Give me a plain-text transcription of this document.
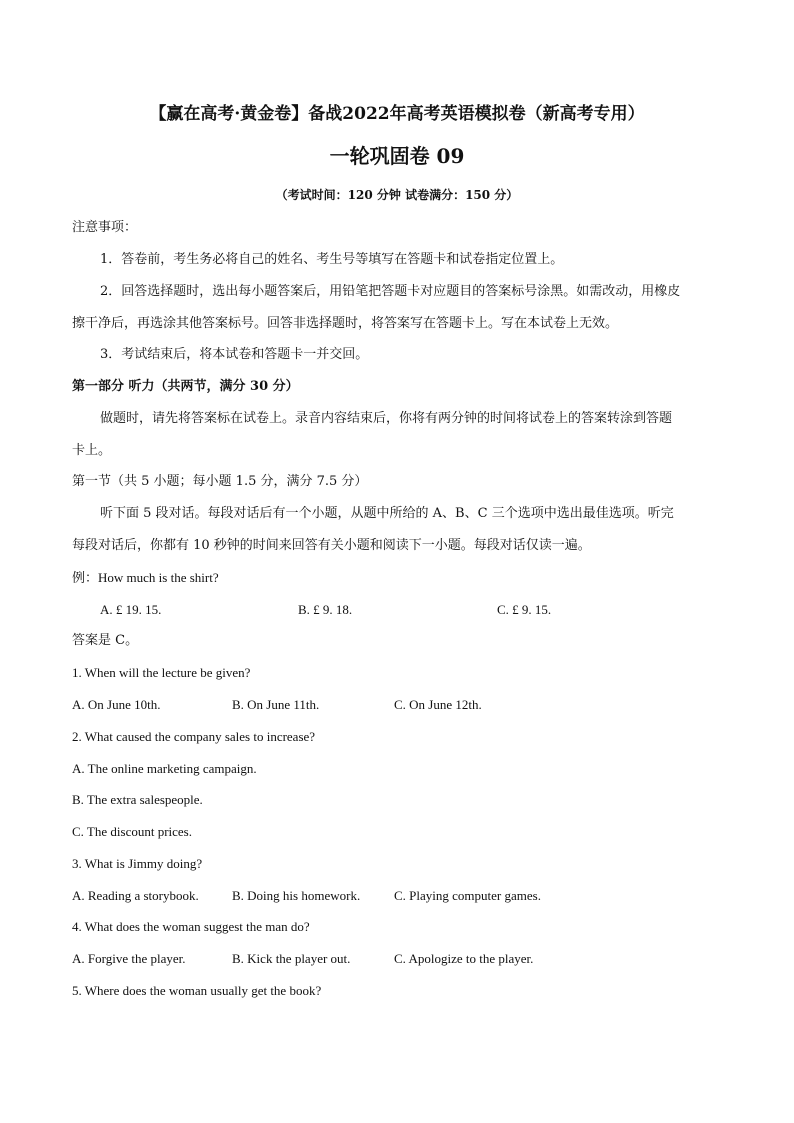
【赢在高考·黄金卷】备战2022年高考英语模拟卷（新高考专用）
一轮巩固卷 09
（考试时间：120 分钟 试卷满分：150 分）
注意事项：
1．答卷前，考生务必将自己的姓名、考生号等填写在答题卡和试卷指定位置上。
2．回答选择题时，选出每小题答案后，用铅笔把答题卡对应题目的答案标号涂黑。如需改动，用橡皮
擦干净后，再选涂其他答案标号。回答非选择题时，将答案写在答题卡上。写在本试卷上无效。
3．考试结束后，将本试卷和答题卡一并交回。
第一部分 听力（共两节，满分 30 分）
做题时，请先将答案标在试卷上。录音内容结束后，你将有两分钟的时间将试卷上的答案转涂到答题
卡上。
第一节（共 5 小题；每小题 1.5 分，满分 7.5 分）
听下面 5 段对话。每段对话后有一个小题，从题中所给的 A、B、C 三个选项中选出最佳选项。听完
每段对话后，你都有 10 秒钟的时间来回答有关小题和阅读下一小题。每段对话仅读一遍。
例：How much is the shirt?
A. £ 19. 15.	B. £ 9. 18.	C. £ 9. 15.
答案是 C。
1. When will the lecture be given?
A. On June 10th.	B. On June 11th.	C. On June 12th.
2. What caused the company sales to increase?
A. The online marketing campaign.
B. The extra salespeople.
C. The discount prices.
3. What is Jimmy doing?
A. Reading a storybook.	B. Doing his homework.	C. Playing computer games.
4. What does the woman suggest the man do?
A. Forgive the player.	B. Kick the player out.	C. Apologize to the player.
5. Where does the woman usually get the book?
